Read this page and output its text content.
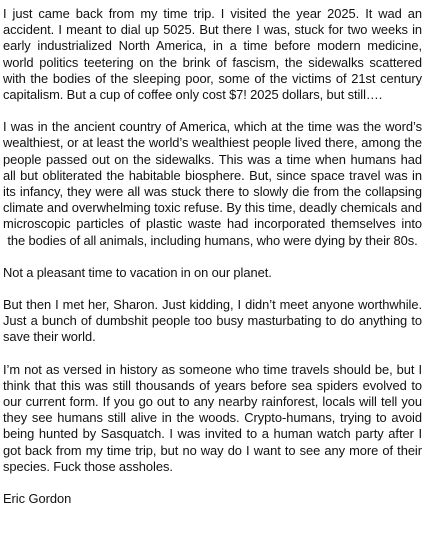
I just came back from my time trip. I visited the year 2025. It wad an accident. I meant to dial up 5025. But there I was, stuck for two weeks in early industrialized North America, in a time before modern medicine, world politics teetering on the brink of fascism, the sidewalks scattered with the bodies of the sleeping poor, some of the victims of 21st century capitalism. But a cup of coffee only cost $7! 2025 dollars, but still….

I was in the ancient country of America, which at the time was the word’s wealthiest, or at least the world’s wealthiest people lived there, among the people passed out on the sidewalks. This was a time when humans had all but obliterated the habitable biosphere. But, since space travel was in its infancy, they were all was stuck there to slowly die from the collapsing climate and overwhelming toxic refuse. By this time, deadly chemicals and microscopic particles of plastic waste had incorporated themselves into the bodies of all animals, including humans, who were dying by their 80s.

Not a pleasant time to vacation in on our planet.

But then I met her, Sharon. Just kidding, I didn’t meet anyone worthwhile. Just a bunch of dumbshit people too busy masturbating to do anything to save their world.

I’m not as versed in history as someone who time travels should be, but I think that this was still thousands of years before sea spiders evolved to our current form. If you go out to any nearby rainforest, locals will tell you they see humans still alive in the woods. Crypto-humans, trying to avoid being hunted by Sasquatch. I was invited to a human watch party after I got back from my time trip, but no way do I want to see any more of their species. Fuck those assholes.

Eric Gordon
